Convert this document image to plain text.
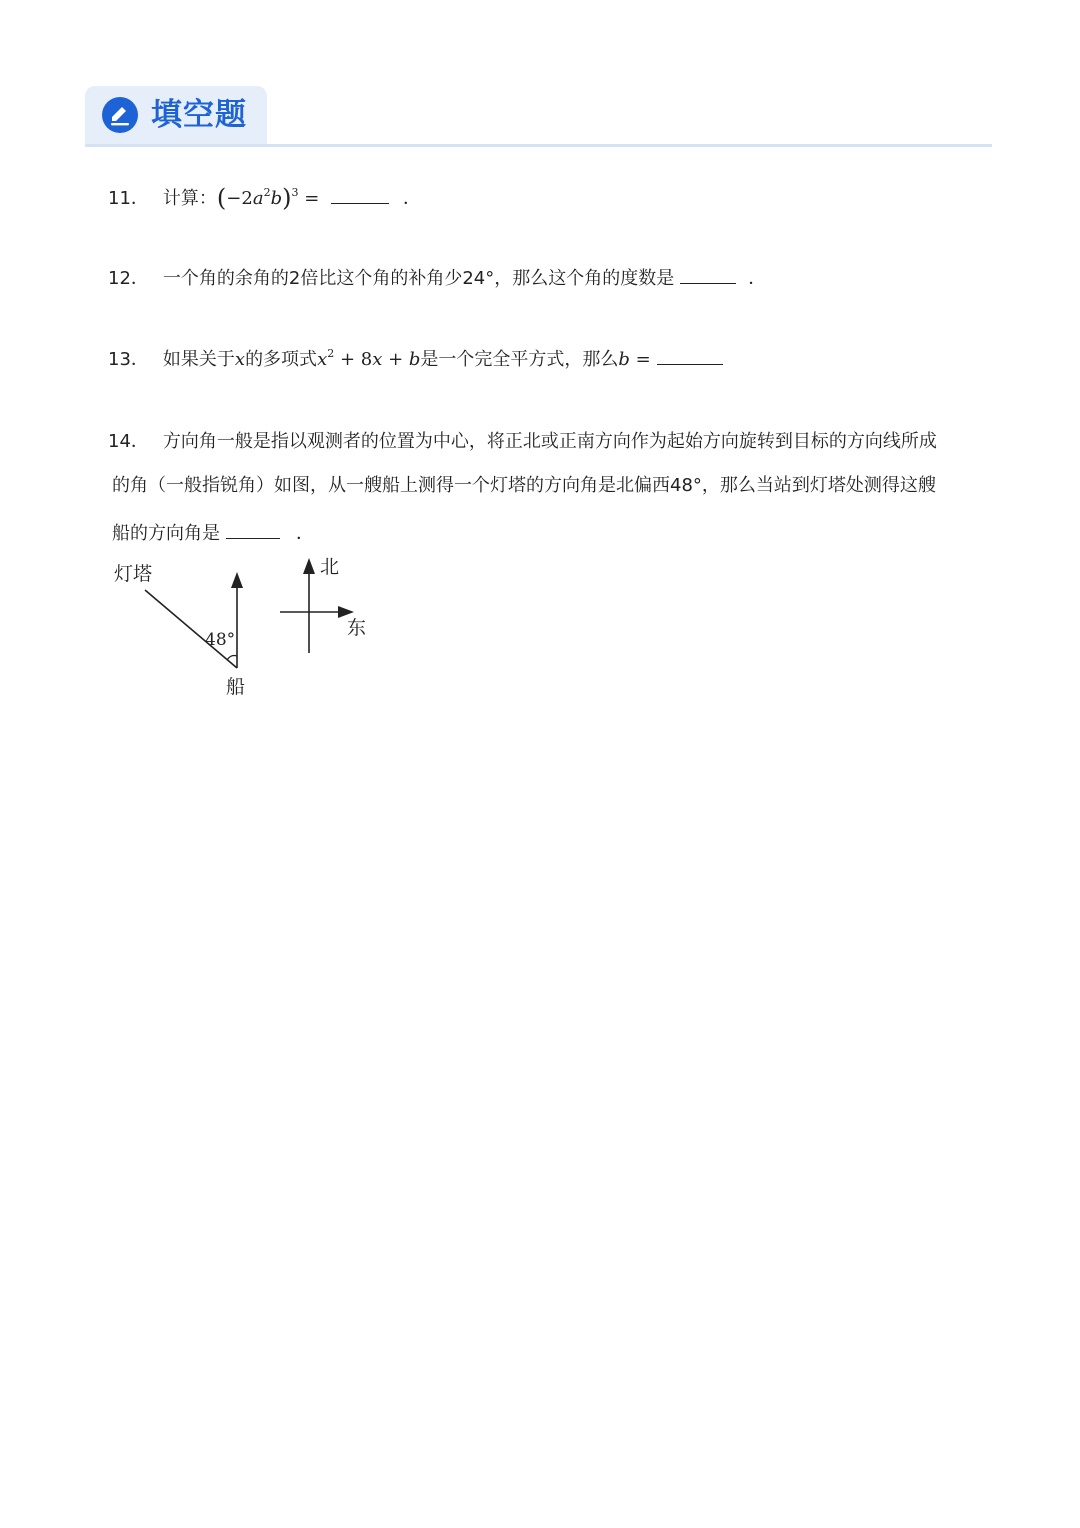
填空题
11． 计算：$(-2a^2b)^3$ =	．
12． 一个角的余角的2倍比这个角的补角少24°，那么这个角的度数是	．
13． 如果关于x的多项式$x^2 + 8x + b$是一个完全平方式，那么b =
14． 方向角一般是指以观测者的位置为中心，将正北或正南方向作为起始方向旋转到目标的方向线所成
的角（一般指锐角）如图，从一艘船上测得一个灯塔的方向角是北偏西48°，那么当站到灯塔处测得这艘
船的方向角是	．
灯塔
48°
船
北
东
